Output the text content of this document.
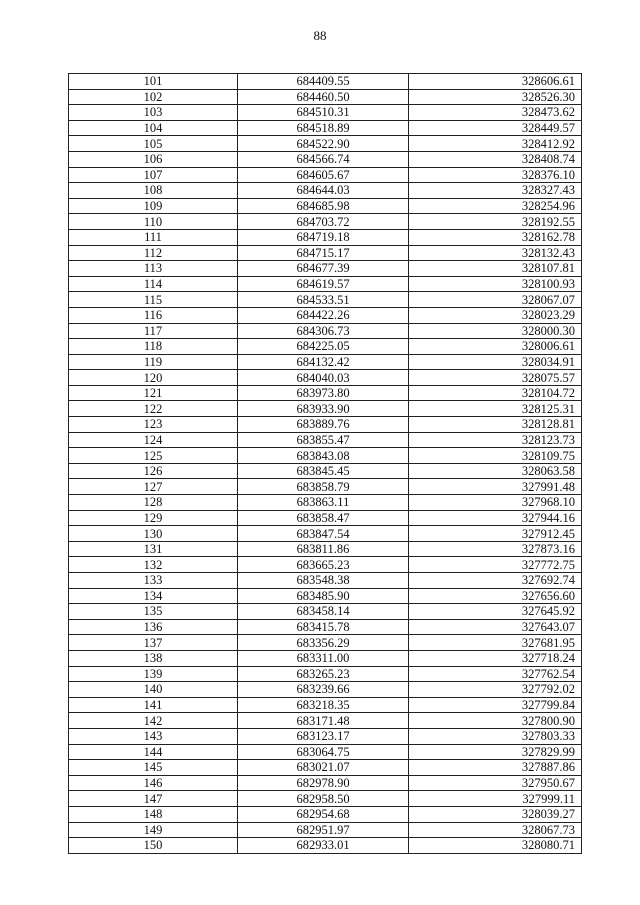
88
101	684409.55	328606.61
102	684460.50	328526.30
103	684510.31	328473.62
104	684518.89	328449.57
105	684522.90	328412.92
106	684566.74	328408.74
107	684605.67	328376.10
108	684644.03	328327.43
109	684685.98	328254.96
110	684703.72	328192.55
111	684719.18	328162.78
112	684715.17	328132.43
113	684677.39	328107.81
114	684619.57	328100.93
115	684533.51	328067.07
116	684422.26	328023.29
117	684306.73	328000.30
118	684225.05	328006.61
119	684132.42	328034.91
120	684040.03	328075.57
121	683973.80	328104.72
122	683933.90	328125.31
123	683889.76	328128.81
124	683855.47	328123.73
125	683843.08	328109.75
126	683845.45	328063.58
127	683858.79	327991.48
128	683863.11	327968.10
129	683858.47	327944.16
130	683847.54	327912.45
131	683811.86	327873.16
132	683665.23	327772.75
133	683548.38	327692.74
134	683485.90	327656.60
135	683458.14	327645.92
136	683415.78	327643.07
137	683356.29	327681.95
138	683311.00	327718.24
139	683265.23	327762.54
140	683239.66	327792.02
141	683218.35	327799.84
142	683171.48	327800.90
143	683123.17	327803.33
144	683064.75	327829.99
145	683021.07	327887.86
146	682978.90	327950.67
147	682958.50	327999.11
148	682954.68	328039.27
149	682951.97	328067.73
150	682933.01	328080.71
